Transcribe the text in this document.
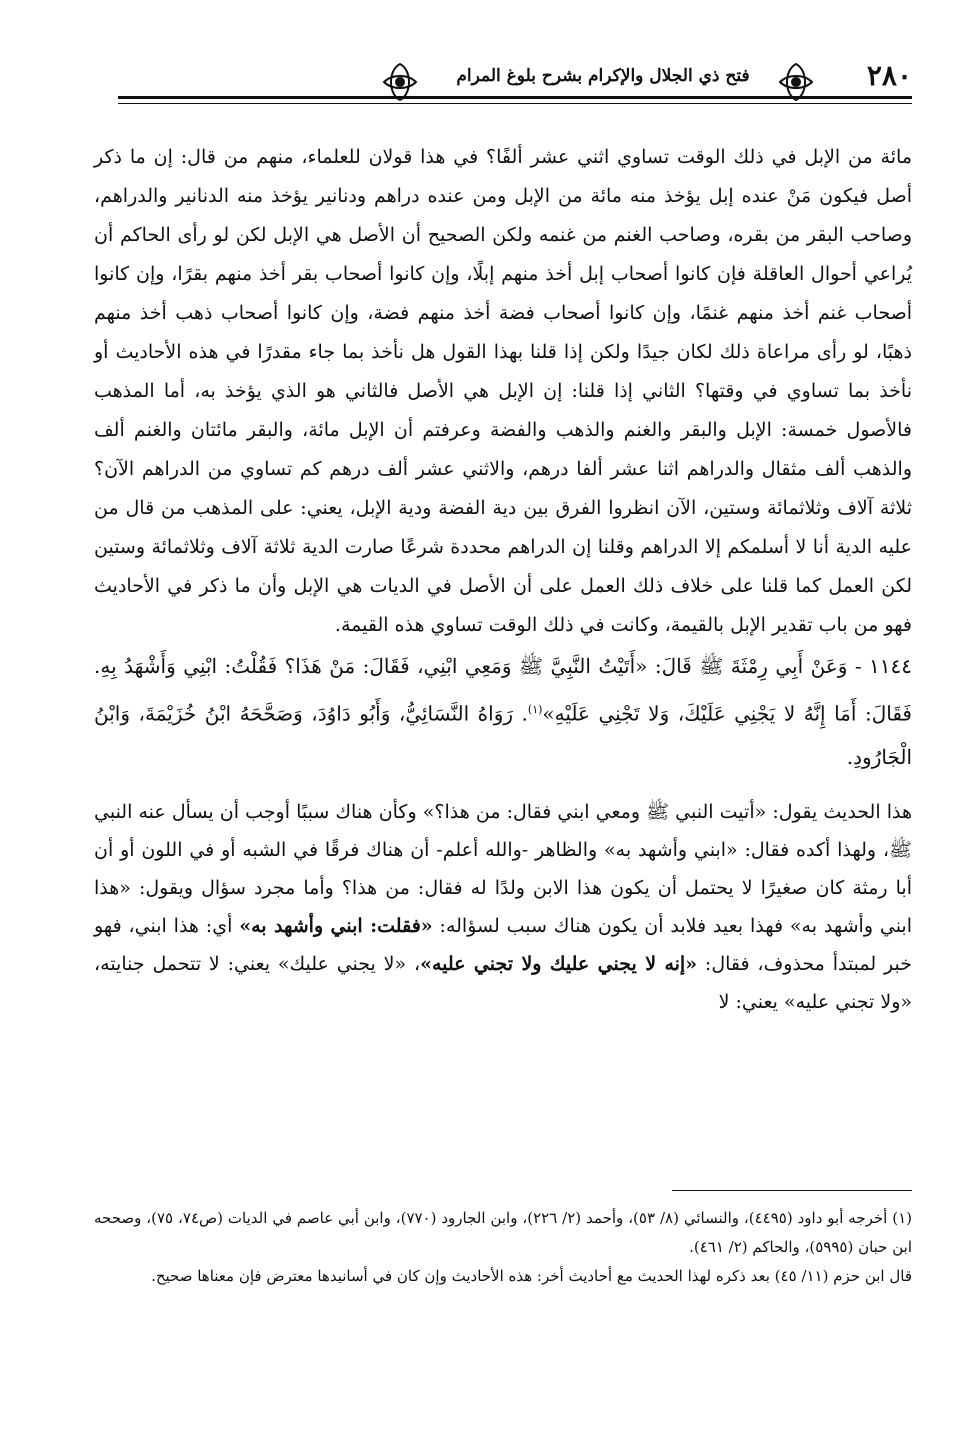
فتح ذي الجلال والإكرام بشرح بلوغ المرام	٢٨٠

مائة من الإبل في ذلك الوقت تساوي اثني عشر ألفًا؟ في هذا قولان للعلماء، منهم من قال: إن ما ذكر أصل فيكون مَنْ عنده إبل يؤخذ منه مائة من الإبل ومن عنده دراهم ودنانير يؤخذ منه الدنانير والدراهم، وصاحب البقر من بقره، وصاحب الغنم من غنمه ولكن الصحيح أن الأصل هي الإبل لكن لو رأى الحاكم أن يُراعي أحوال العاقلة فإن كانوا أصحاب إبل أخذ منهم إبلًا، وإن كانوا أصحاب بقر أخذ منهم بقرًا، وإن كانوا أصحاب غنم أخذ منهم غنمًا، وإن كانوا أصحاب فضة أخذ منهم فضة، وإن كانوا أصحاب ذهب أخذ منهم ذهبًا، لو رأى مراعاة ذلك لكان جيدًا ولكن إذا قلنا بهذا القول هل نأخذ بما جاء مقدرًا في هذه الأحاديث أو نأخذ بما تساوي في وقتها؟ الثاني إذا قلنا: إن الإبل هي الأصل فالثاني هو الذي يؤخذ به، أما المذهب فالأصول خمسة: الإبل والبقر والغنم والذهب والفضة وعرفتم أن الإبل مائة، والبقر مائتان والغنم ألف والذهب ألف مثقال والدراهم اثنا عشر ألفا درهم، والاثني عشر ألف درهم كم تساوي من الدراهم الآن؟ ثلاثة آلاف وثلاثمائة وستين، الآن انظروا الفرق بين دية الفضة ودية الإبل، يعني: على المذهب من قال من عليه الدية أنا لا أسلمكم إلا الدراهم وقلنا إن الدراهم محددة شرعًا صارت الدية ثلاثة آلاف وثلاثمائة وستين لكن العمل كما قلنا على خلاف ذلك العمل على أن الأصل في الديات هي الإبل وأن ما ذكر في الأحاديث فهو من باب تقدير الإبل بالقيمة، وكانت في ذلك الوقت تساوي هذه القيمة.

١١٤٤ - وَعَنْ أَبِي رِمْثَةَ ﷺ قَالَ: «أَتَيْتُ النَّبِيَّ ﷺ وَمَعِي ابْنِي، فَقَالَ: مَنْ هَذَا؟ فَقُلْتُ: ابْنِي وَأَشْهَدُ بِهِ. فَقَالَ: أَمَا إِنَّهُ لا يَجْنِي عَلَيْكَ، وَلا تَجْنِي عَلَيْهِ»$^{(١)}$. رَوَاهُ النَّسَائِيُّ، وَأَبُو دَاوُدَ، وَصَحَّحَهُ ابْنُ خُزَيْمَةَ، وَابْنُ الْجَارُودِ.

هذا الحديث يقول: «أتيت النبي ﷺ ومعي ابني فقال: من هذا؟» وكأن هناك سببًا أوجب أن يسأل عنه النبي ﷺ، ولهذا أكده فقال: «ابني وأشهد به» والظاهر -والله أعلم- أن هناك فرقًا في الشبه أو في اللون أو أن أبا رمثة كان صغيرًا لا يحتمل أن يكون هذا الابن ولدًا له فقال: من هذا؟ وأما مجرد سؤال ويقول: «هذا ابني وأشهد به» فهذا بعيد فلابد أن يكون هناك سبب لسؤاله: «فقلت: ابني وأشهد به» أي: هذا ابني، فهو خبر لمبتدأ محذوف، فقال: «إنه لا يجني عليك ولا تجني عليه»، «لا يجني عليك» يعني: لا تتحمل جنايته، «ولا تجني عليه» يعني: لا

(١) أخرجه أبو داود (٤٤٩٥)، والنسائي (٨/ ٥٣)، وأحمد (٢/ ٢٢٦)، وابن الجارود (٧٧٠)، وابن أبي عاصم في الديات (ص٧٤، ٧٥)، وصححه ابن حبان (٥٩٩٥)، والحاكم (٢/ ٤٦١).

قال ابن حزم (١١/ ٤٥) بعد ذكره لهذا الحديث مع أحاديث أخر: هذه الأحاديث وإن كان في أسانيدها معترض فإن معناها صحيح.
